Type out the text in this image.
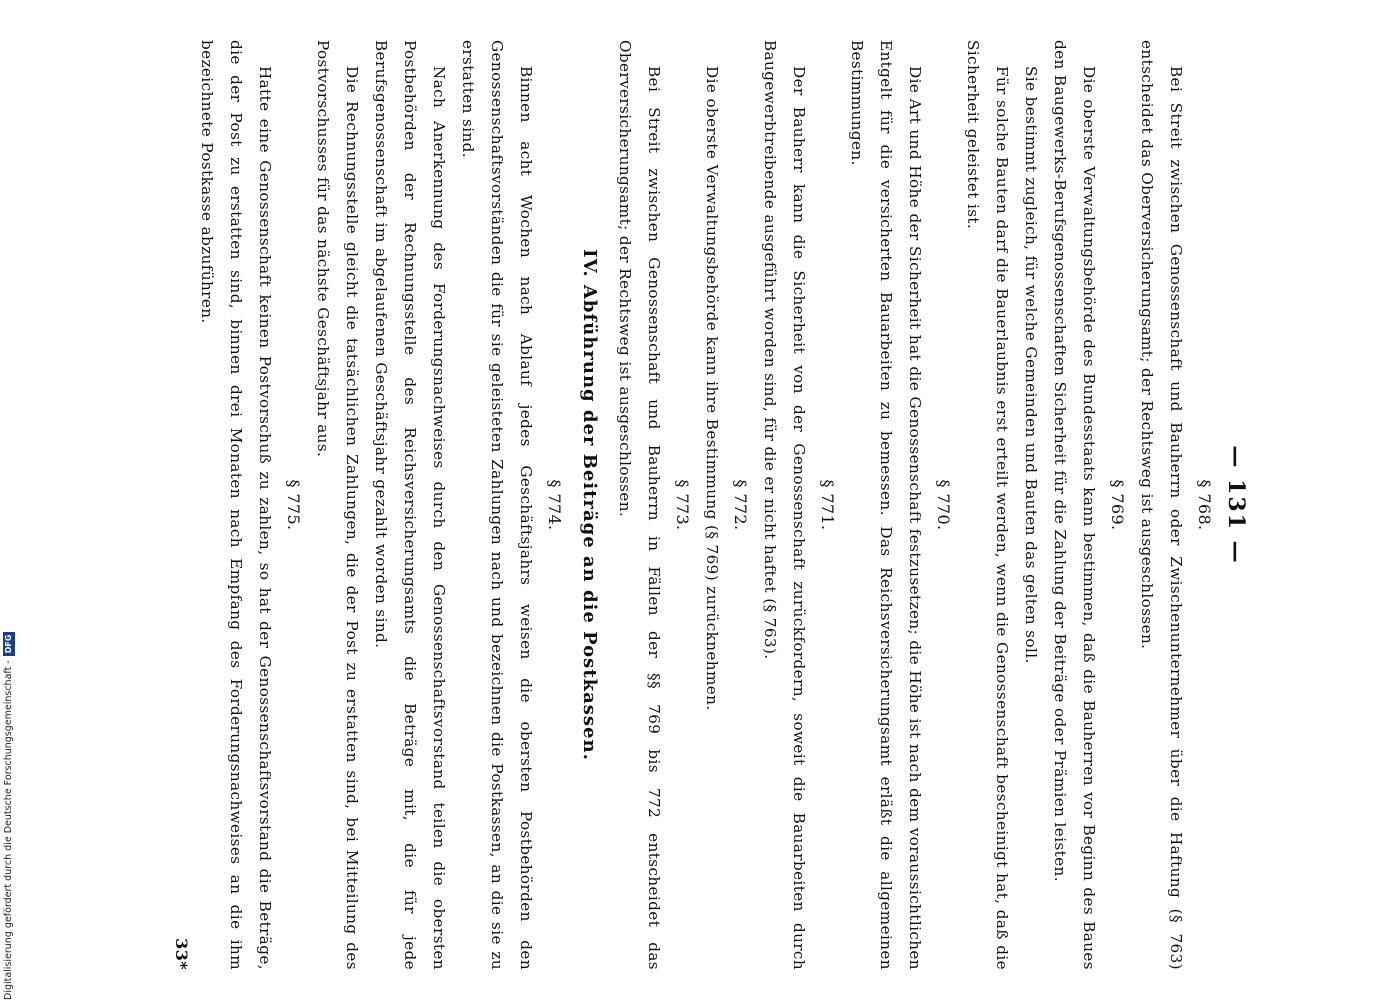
— 131 —
§ 768.

Bei Streit zwischen Genossenschaft und Bauherrn oder Zwischenunternehmer über die Haftung (§ 763) entscheidet das Oberversicherungsamt; der Rechtsweg ist ausgeschlossen.

§ 769.

Die oberste Verwaltungsbehörde des Bundesstaats kann bestimmen, daß die Bauherren vor Beginn des Baues den Baugewerks-Berufsgenossenschaften Sicherheit für die Zahlung der Beiträge oder Prämien leisten.

Sie bestimmt zugleich, für welche Gemeinden und Bauten das gelten soll.

Für solche Bauten darf die Bauerlaubnis erst erteilt werden, wenn die Genossenschaft bescheinigt hat, daß die Sicherheit geleistet ist.

§ 770.

Die Art und Höhe der Sicherheit hat die Genossenschaft festzusetzen; die Höhe ist nach dem voraussichtlichen Entgelt für die versicherten Bauarbeiten zu bemessen. Das Reichsversicherungsamt erläßt die allgemeinen Bestimmungen.

§ 771.

Der Bauherr kann die Sicherheit von der Genossenschaft zurückfordern, soweit die Bauarbeiten durch Baugewerbtreibende ausgeführt worden sind, für die er nicht haftet (§ 763).

§ 772.

Die oberste Verwaltungsbehörde kann ihre Bestimmung (§ 769) zurücknehmen.

§ 773.

Bei Streit zwischen Genossenschaft und Bauherrn in Fällen der §§ 769 bis 772 entscheidet das Oberversicherungsamt; der Rechtsweg ist ausgeschlossen.

IV. Abführung der Beiträge an die Postkassen.
§ 774.

Binnen acht Wochen nach Ablauf jedes Geschäftsjahrs weisen die obersten Postbehörden den Genossenschaftsvorständen die für sie geleisteten Zahlungen nach und bezeichnen die Postkassen, an die sie zu erstatten sind.

Nach Anerkennung des Forderungsnachweises durch den Genossenschaftsvorstand teilen die obersten Postbehörden der Rechnungsstelle des Reichsversicherungsamts die Beträge mit, die für jede Berufsgenossenschaft im abgelaufenen Geschäftsjahr gezahlt worden sind.

Die Rechnungsstelle gleicht die tatsächlichen Zahlungen, die der Post zu erstatten sind, bei Mitteilung des Postvorschusses für das nächste Geschäftsjahr aus.

§ 775.

Hatte eine Genossenschaft keinen Postvorschuß zu zahlen, so hat der Genossenschaftsvorstand die Beträge, die der Post zu erstatten sind, binnen drei Monaten nach Empfang des Forderungsnachweises an die ihm bezeichnete Postkasse abzuführen.

33*
Digitalisierung gefördert durch die Deutsche Forschungsgemeinschaft -
DFG
